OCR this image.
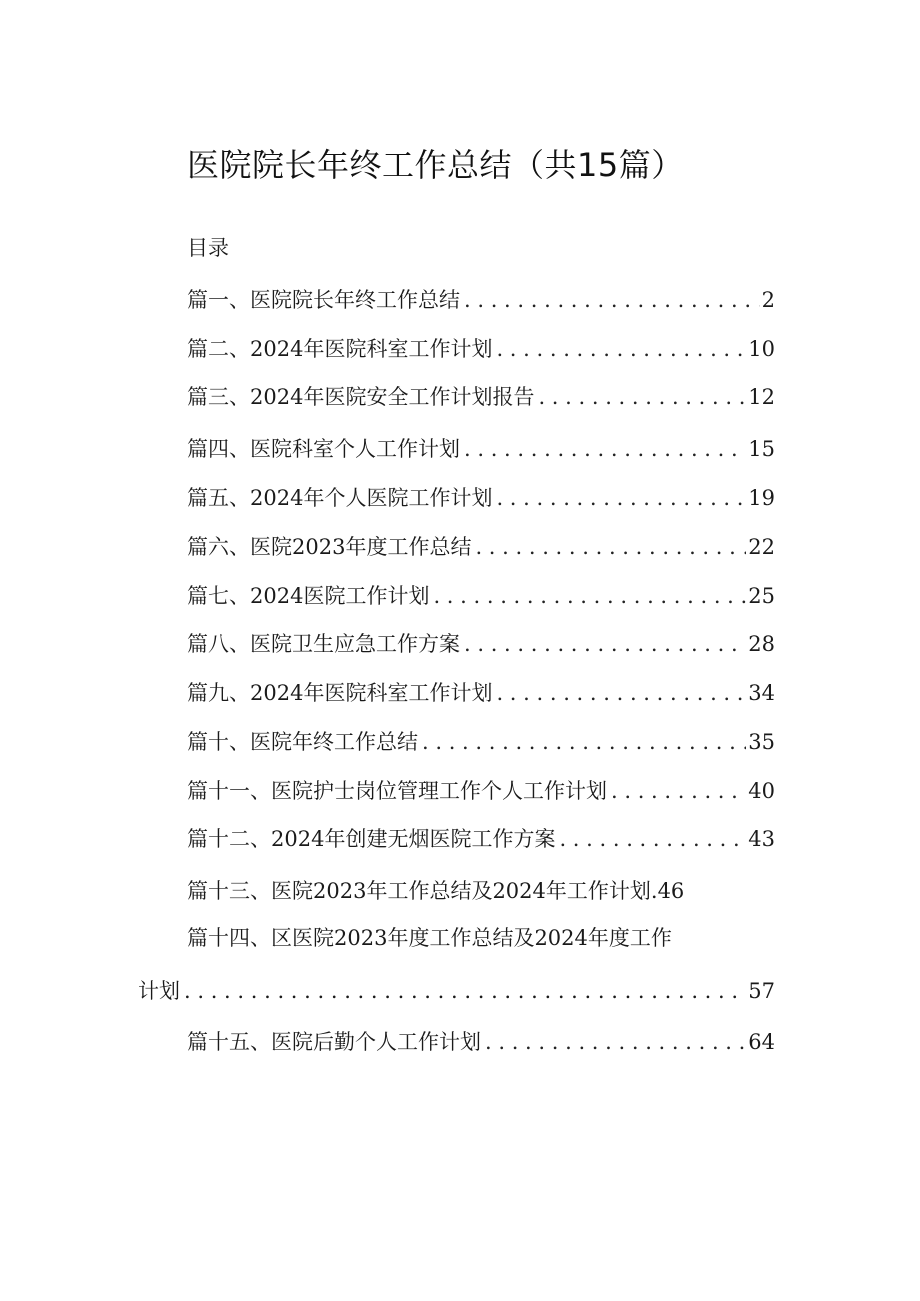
医院院长年终工作总结（共15篇）
目录
篇一、医院院长年终工作总结 . . .	2
篇二、2024年医院科室工作计划 . . .	10
篇三、2024年医院安全工作计划报告 . . .	12
篇四、医院科室个人工作计划 . . .	15
篇五、2024年个人医院工作计划 . . .	19
篇六、医院2023年度工作总结 . . .	22
篇七、2024医院工作计划 . . .	25
篇八、医院卫生应急工作方案 . . .	28
篇九、2024年医院科室工作计划 . . .	34
篇十、医院年终工作总结 . . .	35
篇十一、医院护士岗位管理工作个人工作计划 . . .	40
篇十二、2024年创建无烟医院工作方案 . . .	43
篇十三、医院2023年工作总结及2024年工作计划. 46
篇十四、区医院2023年度工作总结及2024年度工作
计划 . . .	57
篇十五、医院后勤个人工作计划 . . .	64
